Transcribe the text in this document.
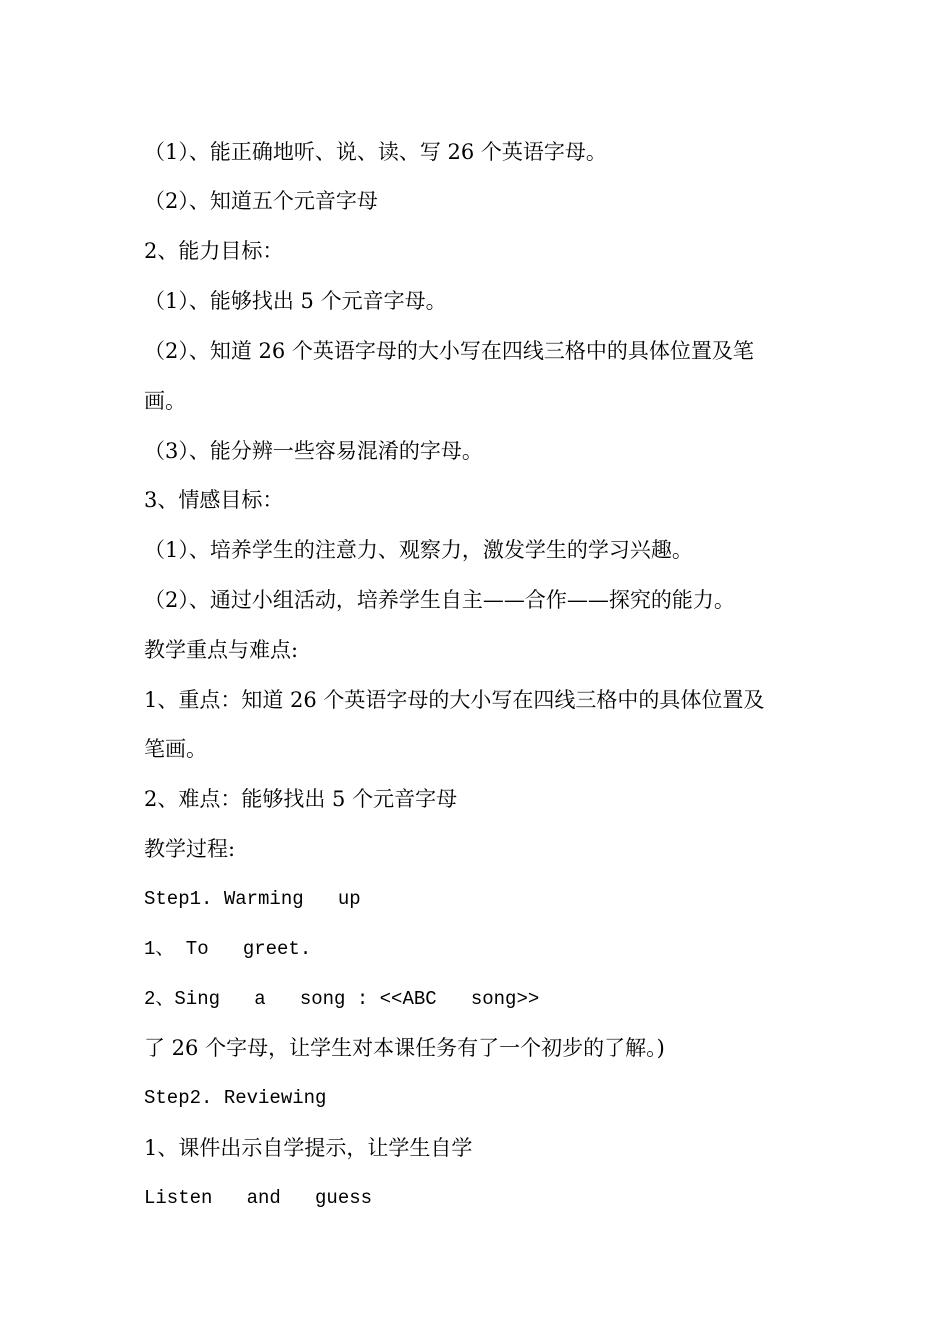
（1）、能正确地听、说、读、写 26 个英语字母。
（2）、知道五个元音字母
2、能力目标：
（1）、能够找出 5 个元音字母。
（2）、知道 26 个英语字母的大小写在四线三格中的具体位置及笔
画。
（3）、能分辨一些容易混淆的字母。
3、情感目标：
（1）、培养学生的注意力、观察力，激发学生的学习兴趣。
（2）、通过小组活动，培养学生自主——合作——探究的能力。
教学重点与难点:
1、重点：知道 26 个英语字母的大小写在四线三格中的具体位置及
笔画。
2、难点：能够找出 5 个元音字母
教学过程:
Step1. Warming   up
1、 To   greet.
2、Sing   a   song : <<ABC   song>>
了 26 个字母，让学生对本课任务有了一个初步的了解。)
Step2. Reviewing
1、课件出示自学提示，让学生自学
Listen   and   guess
